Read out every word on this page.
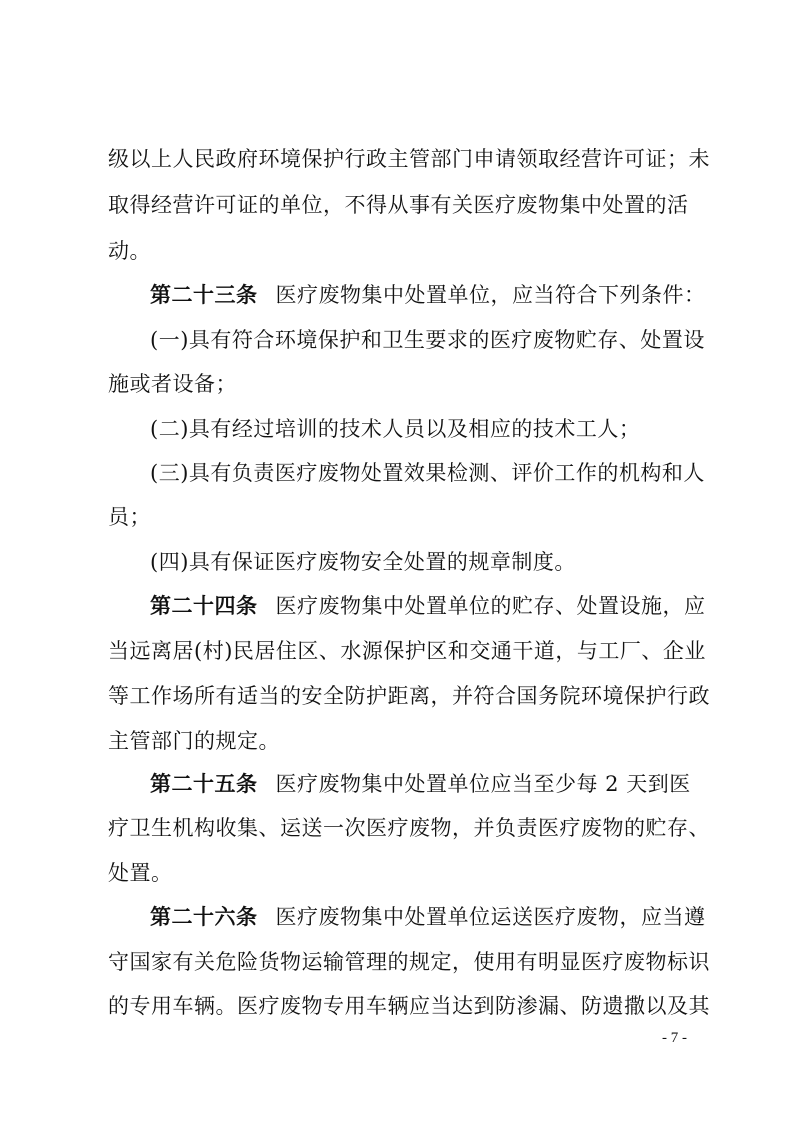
级以上人民政府环境保护行政主管部门申请领取经营许可证；未
取得经营许可证的单位，不得从事有关医疗废物集中处置的活
动。
第二十三条 医疗废物集中处置单位，应当符合下列条件：
(一)具有符合环境保护和卫生要求的医疗废物贮存、处置设
施或者设备；
(二)具有经过培训的技术人员以及相应的技术工人；
(三)具有负责医疗废物处置效果检测、评价工作的机构和人
员；
(四)具有保证医疗废物安全处置的规章制度。
第二十四条 医疗废物集中处置单位的贮存、处置设施，应
当远离居(村)民居住区、水源保护区和交通干道，与工厂、企业
等工作场所有适当的安全防护距离，并符合国务院环境保护行政
主管部门的规定。
第二十五条 医疗废物集中处置单位应当至少每 2 天到医
疗卫生机构收集、运送一次医疗废物，并负责医疗废物的贮存、
处置。
第二十六条 医疗废物集中处置单位运送医疗废物，应当遵
守国家有关危险货物运输管理的规定，使用有明显医疗废物标识
的专用车辆。医疗废物专用车辆应当达到防渗漏、防遗撒以及其
- 7 -
